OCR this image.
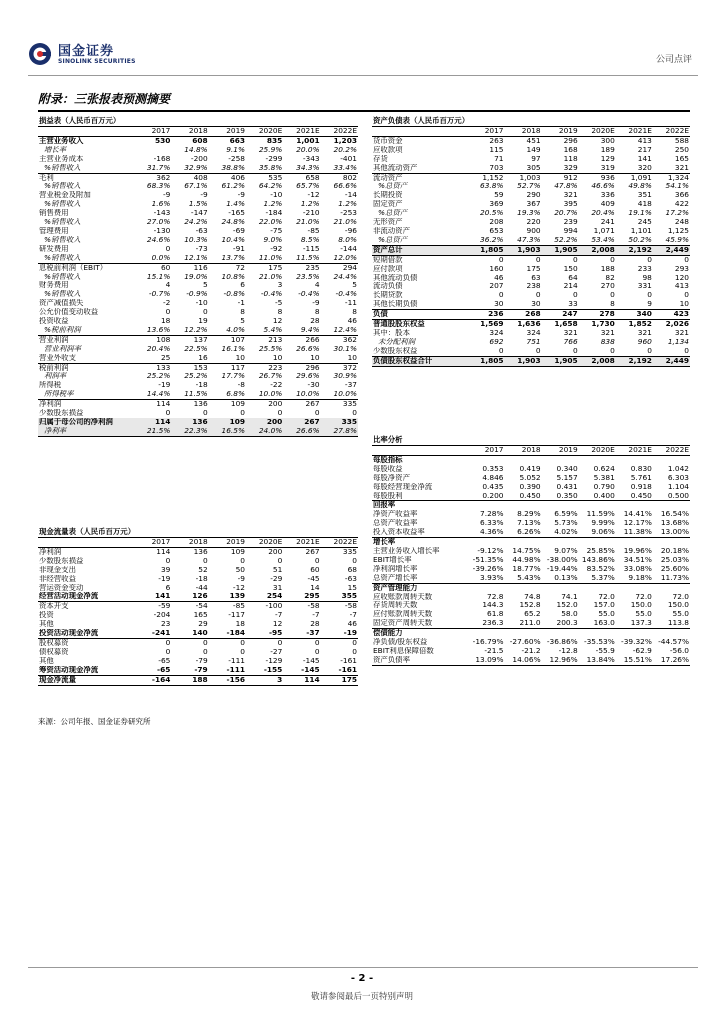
国金证券
SINOLINK SECURITIES	公司点评
附录：三张报表预测摘要
损益表（人民币百万元）						
	2017	2018	2019	2020E	2021E	2022E
主营业务收入	530	608	663	835	1,001	1,203
增长率		14.8%	9.1%	25.9%	20.0%	20.2%
主营业务成本	-168	-200	-258	-299	-343	-401
%销售收入	31.7%	32.9%	38.8%	35.8%	34.3%	33.4%
毛利	362	408	406	535	658	802
%销售收入	68.3%	67.1%	61.2%	64.2%	65.7%	66.6%
营业税金及附加	-9	-9	-9	-10	-12	-14
%销售收入	1.6%	1.5%	1.4%	1.2%	1.2%	1.2%
销售费用	-143	-147	-165	-184	-210	-253
%销售收入	27.0%	24.2%	24.8%	22.0%	21.0%	21.0%
管理费用	-130	-63	-69	-75	-85	-96
%销售收入	24.6%	10.3%	10.4%	9.0%	8.5%	8.0%
研发费用	0	-73	-91	-92	-115	-144
%销售收入	0.0%	12.1%	13.7%	11.0%	11.5%	12.0%
息税前利润（EBIT）	60	116	72	175	235	294
%销售收入	15.1%	19.0%	10.8%	21.0%	23.5%	24.4%
财务费用	4	5	6	3	4	5
%销售收入	-0.7%	-0.9%	-0.8%	-0.4%	-0.4%	-0.4%
资产减值损失	-2	-10	-1	-5	-9	-11
公允价值变动收益	0	0	8	8	8	8
投资收益	18	19	5	12	28	46
%税前利润	13.6%	12.2%	4.0%	5.4%	9.4%	12.4%
营业利润	108	137	107	213	266	362
营业利润率	20.4%	22.5%	16.1%	25.5%	26.6%	30.1%
营业外收支	25	16	10	10	10	10
税前利润	133	153	117	223	296	372
利润率	25.2%	25.2%	17.7%	26.7%	29.6%	30.9%
所得税	-19	-18	-8	-22	-30	-37
所得税率	14.4%	11.5%	6.8%	10.0%	10.0%	10.0%
净利润	114	136	109	200	267	335
少数股东损益	0	0	0	0	0	0
归属于母公司的净利润	114	136	109	200	267	335
净利率	21.5%	22.3%	16.5%	24.0%	26.6%	27.8%
资产负债表（人民币百万元）						
	2017	2018	2019	2020E	2021E	2022E
货币资金	263	451	296	300	413	588
应收款项	115	149	168	189	217	250
存货	71	97	118	129	141	165
其他流动资产	703	305	329	319	320	321
流动资产	1,152	1,003	912	936	1,091	1,324
%总资产	63.8%	52.7%	47.8%	46.6%	49.8%	54.1%
长期投资	59	290	321	336	351	366
固定资产	369	367	395	409	418	422
%总资产	20.5%	19.3%	20.7%	20.4%	19.1%	17.2%
无形资产	208	220	239	241	245	248
非流动资产	653	900	994	1,071	1,101	1,125
%总资产	36.2%	47.3%	52.2%	53.4%	50.2%	45.9%
资产总计	1,805	1,903	1,905	2,008	2,192	2,449
短期借款	0	0	0	0	0	0
应付款项	160	175	150	188	233	293
其他流动负债	46	63	64	82	98	120
流动负债	207	238	214	270	331	413
长期贷款	0	0	0	0	0	0
其他长期负债	30	30	33	8	9	10
负债	236	268	247	278	340	423
普通股股东权益	1,569	1,636	1,658	1,730	1,852	2,026
其中：股本	324	324	321	321	321	321
未分配利润	692	751	766	838	960	1,134
少数股东权益	0	0	0	0	0	0
负债股东权益合计	1,805	1,903	1,905	2,008	2,192	2,449
比率分析						
	2017	2018	2019	2020E	2021E	2022E
每股指标						
每股收益	0.353	0.419	0.340	0.624	0.830	1.042
每股净资产	4.846	5.052	5.157	5.381	5.761	6.303
每股经营现金净流	0.435	0.390	0.431	0.790	0.918	1.104
每股股利	0.200	0.450	0.350	0.400	0.450	0.500
回报率						
净资产收益率	7.28%	8.29%	6.59%	11.59%	14.41%	16.54%
总资产收益率	6.33%	7.13%	5.73%	9.99%	12.17%	13.68%
投入资本收益率	4.36%	6.26%	4.02%	9.06%	11.38%	13.00%
增长率						
主营业务收入增长率	-9.12%	14.75%	9.07%	25.85%	19.96%	20.18%
EBIT增长率	-51.35%	44.98%	-38.00%	143.86%	34.51%	25.03%
净利润增长率	-39.26%	18.77%	-19.44%	83.52%	33.08%	25.60%
总资产增长率	3.93%	5.43%	0.13%	5.37%	9.18%	11.73%
资产管理能力						
应收账款周转天数	72.8	74.8	74.1	72.0	72.0	72.0
存货周转天数	144.3	152.8	152.0	157.0	150.0	150.0
应付账款周转天数	61.8	65.2	58.0	55.0	55.0	55.0
固定资产周转天数	236.3	211.0	200.3	163.0	137.3	113.8
偿债能力						
净负债/股东权益	-16.79%	-27.60%	-36.86%	-35.53%	-39.32%	-44.57%
EBIT利息保障倍数	-21.5	-21.2	-12.8	-55.9	-62.9	-56.0
资产负债率	13.09%	14.06%	12.96%	13.84%	15.51%	17.26%
现金流量表（人民币百万元）						
	2017	2018	2019	2020E	2021E	2022E
净利润	114	136	109	200	267	335
少数股东损益	0	0	0	0	0	0
非现金支出	39	52	50	51	60	68
非经营收益	-19	-18	-9	-29	-45	-63
营运资金变动	6	-44	-12	31	14	15
经营活动现金净流	141	126	139	254	295	355
资本开支	-59	-54	-85	-100	-58	-58
投资	-204	165	-117	-7	-7	-7
其他	23	29	18	12	28	46
投资活动现金净流	-241	140	-184	-95	-37	-19
股权募资	0	0	0	0	0	0
债权募资	0	0	0	-27	0	0
其他	-65	-79	-111	-129	-145	-161
筹资活动现金净流	-65	-79	-111	-155	-145	-161
现金净流量	-164	188	-156	3	114	175
来源：公司年报、国金证券研究所
- 2 -
敬请参阅最后一页特别声明
